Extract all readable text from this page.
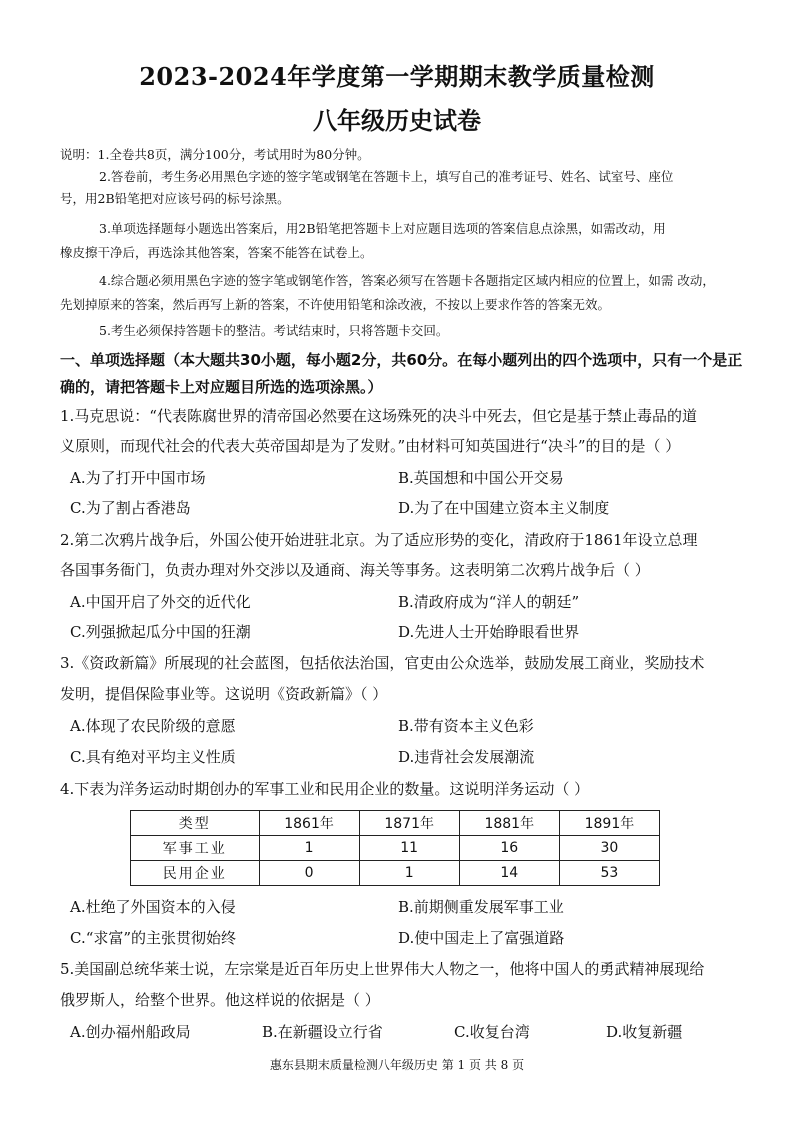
2023-2024年学度第一学期期末教学质量检测
八年级历史试卷
说明：1.全卷共8页，满分100分，考试用时为80分钟。
2.答卷前，考生务必用黑色字迹的签字笔或钢笔在答题卡上，填写自己的准考证号、姓名、试室号、座位
号，用2B铅笔把对应该号码的标号涂黑。
3.单项选择题每小题选出答案后，用2B铅笔把答题卡上对应题目选项的答案信息点涂黑，如需改动，用
橡皮擦干净后，再选涂其他答案，答案不能答在试卷上。
4.综合题必须用黑色字迹的签字笔或钢笔作答，答案必须写在答题卡各题指定区域内相应的位置上，如需 改动，
先划掉原来的答案，然后再写上新的答案，不许使用铅笔和涂改液，不按以上要求作答的答案无效。
5.考生必须保持答题卡的整洁。考试结束时，只将答题卡交回。
一、单项选择题（本大题共30小题，每小题2分，共60分。在每小题列出的四个选项中，只有一个是正
确的，请把答题卡上对应题目所选的选项涂黑。）
1.马克思说：“代表陈腐世界的清帝国必然要在这场殊死的决斗中死去，但它是基于禁止毒品的道
义原则，而现代社会的代表大英帝国却是为了发财。”由材料可知英国进行“决斗”的目的是（ ）
A.为了打开中国市场	B.英国想和中国公开交易
C.为了割占香港岛	D.为了在中国建立资本主义制度
2.第二次鸦片战争后，外国公使开始进驻北京。为了适应形势的变化，清政府于1861年设立总理
各国事务衙门，负责办理对外交涉以及通商、海关等事务。这表明第二次鸦片战争后（ ）
A.中国开启了外交的近代化	B.清政府成为“洋人的朝廷”
C.列强掀起瓜分中国的狂潮	D.先进人士开始睁眼看世界
3.《资政新篇》所展现的社会蓝图，包括依法治国，官吏由公众选举，鼓励发展工商业，奖励技术
发明，提倡保险事业等。这说明《资政新篇》（ ）
A.体现了农民阶级的意愿	B.带有资本主义色彩
C.具有绝对平均主义性质	D.违背社会发展潮流
4.下表为洋务运动时期创办的军事工业和民用企业的数量。这说明洋务运动（ ）
类型	1861年	1871年	1881年	1891年
军事工业	1	11	16	30
民用企业	0	1	14	53
A.杜绝了外国资本的入侵	B.前期侧重发展军事工业
C.“求富”的主张贯彻始终	D.使中国走上了富强道路
5.美国副总统华莱士说，左宗棠是近百年历史上世界伟大人物之一，他将中国人的勇武精神展现给
俄罗斯人，给整个世界。他这样说的依据是（ ）
A.创办福州船政局	B.在新疆设立行省	C.收复台湾	D.收复新疆
惠东县期末质量检测八年级历史 第 1 页 共 8 页
